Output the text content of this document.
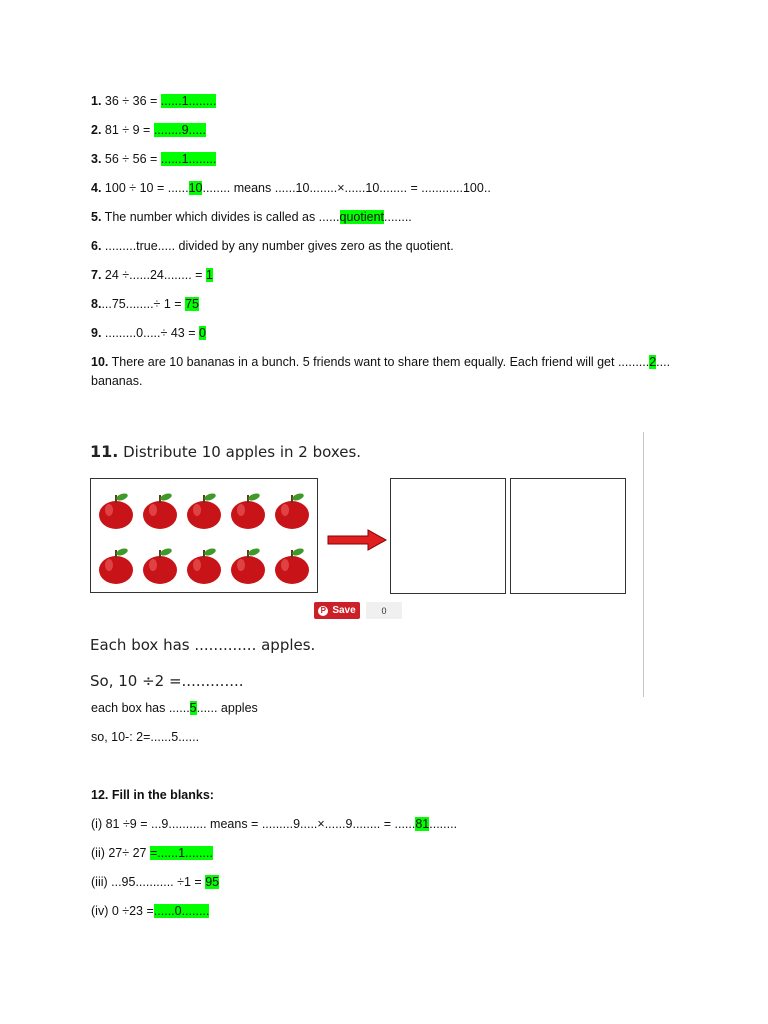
1. 36 ÷ 36 = ......1........
2. 81 ÷ 9 = ........9.....
3. 56 ÷ 56 = ......1........
4. 100 ÷ 10 = ......10........ means ......10........×......10........ = ............100..
5. The number which divides is called as ......quotient........
6. .........true..... divided by any number gives zero as the quotient.
7. 24 ÷......24........ = 1
8....75........÷ 1 = 75
9. .........0.....÷ 43 = 0
10. There are 10 bananas in a bunch. 5 friends want to share them equally. Each friend will get .........2....
bananas.
11. Distribute 10 apples in 2 boxes.
P Save	0
Each box has ............. apples.
So, 10 ÷2 =.............
each box has ......5...... apples
so, 10-: 2=......5......
12. Fill in the blanks:
(i) 81 ÷9 = ...9........... means = .........9.....×......9........ = ......81........
(ii) 27÷ 27 =......1........
(iii) ...95........... ÷1 = 95
(iv) 0 ÷23 =......0........
